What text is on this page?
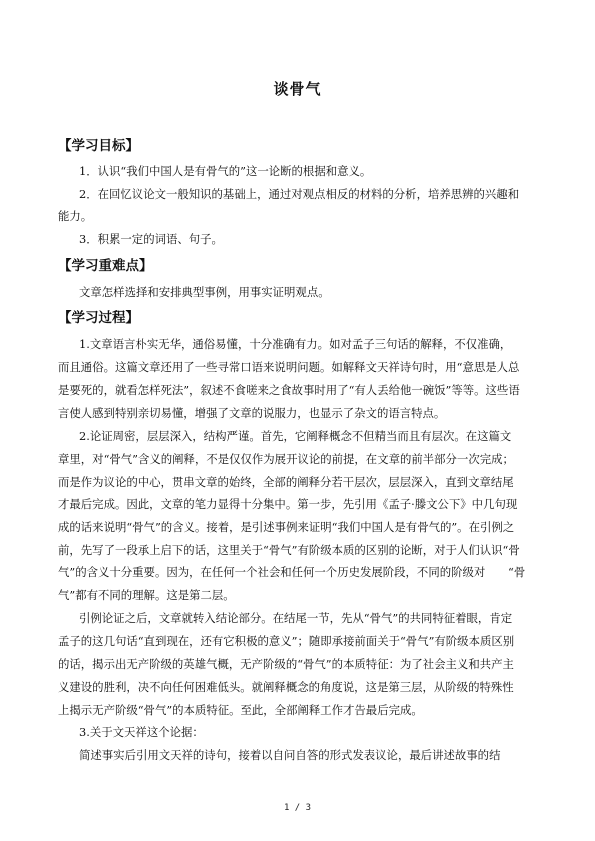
谈骨气
【学习目标】
1．认识“我们中国人是有骨气的”这一论断的根据和意义。
2．在回忆议论文一般知识的基础上，通过对观点相反的材料的分析，培养思辨的兴趣和
能力。
3．积累一定的词语、句子。
【学习重难点】
文章怎样选择和安排典型事例，用事实证明观点。
【学习过程】
1.文章语言朴实无华，通俗易懂，十分准确有力。如对孟子三句话的解释，不仅准确，
而且通俗。这篇文章还用了一些寻常口语来说明问题。如解释文天祥诗句时，用“意思是人总
是要死的，就看怎样死法”，叙述不食嗟来之食故事时用了“有人丢给他一碗饭”等等。这些语
言使人感到特别亲切易懂，增强了文章的说服力，也显示了杂文的语言特点。
2.论证周密，层层深入，结构严谨。首先，它阐释概念不但精当而且有层次。在这篇文
章里，对“骨气”含义的阐释，不是仅仅作为展开议论的前提，在文章的前半部分一次完成；
而是作为议论的中心，贯串文章的始终，全部的阐释分若干层次，层层深入，直到文章结尾
才最后完成。因此，文章的笔力显得十分集中。第一步，先引用《孟子·滕文公下》中几句现
成的话来说明“骨气”的含义。接着，是引述事例来证明“我们中国人是有骨气的”。在引例之
前，先写了一段承上启下的话，这里关于“骨气”有阶级本质的区别的论断，对于人们认识“骨
气”的含义十分重要。因为，在任何一个社会和任何一个历史发展阶段，不同的阶级对　　“骨
气”都有不同的理解。这是第二层。
引例论证之后，文章就转入结论部分。在结尾一节，先从“骨气”的共同特征着眼，肯定
孟子的这几句话“直到现在，还有它积极的意义”；随即承接前面关于“骨气”有阶级本质区别
的话，揭示出无产阶级的英雄气概，无产阶级的“骨气”的本质特征：为了社会主义和共产主
义建设的胜利，决不向任何困难低头。就阐释概念的角度说，这是第三层，从阶级的特殊性
上揭示无产阶级“骨气”的本质特征。至此，全部阐释工作才告最后完成。
3.关于文天祥这个论据：
简述事实后引用文天祥的诗句，接着以自问自答的形式发表议论，最后讲述故事的结
1 / 3
